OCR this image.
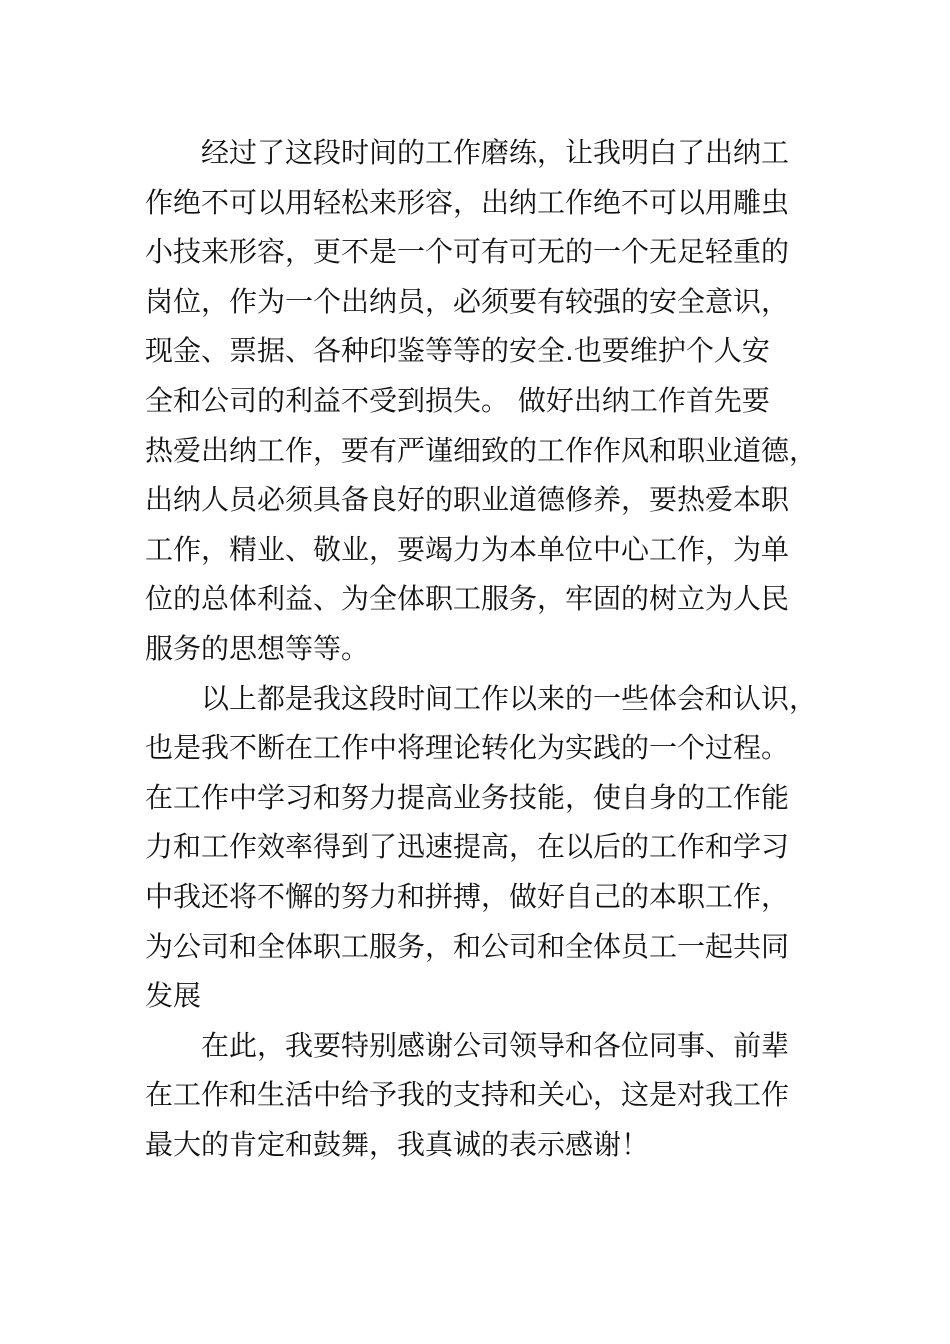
经过了这段时间的工作磨练，让我明白了出纳工
作绝不可以用轻松来形容，出纳工作绝不可以用雕虫
小技来形容，更不是一个可有可无的一个无足轻重的
岗位，作为一个出纳员，必须要有较强的安全意识，
现金、票据、各种印鉴等等的安全.也要维护个人安
全和公司的利益不受到损失。 做好出纳工作首先要
热爱出纳工作，要有严谨细致的工作作风和职业道德，
出纳人员必须具备良好的职业道德修养，要热爱本职
工作，精业、敬业，要竭力为本单位中心工作，为单
位的总体利益、为全体职工服务，牢固的树立为人民
服务的思想等等。
以上都是我这段时间工作以来的一些体会和认识，
也是我不断在工作中将理论转化为实践的一个过程。
在工作中学习和努力提高业务技能，使自身的工作能
力和工作效率得到了迅速提高，在以后的工作和学习
中我还将不懈的努力和拼搏，做好自己的本职工作，
为公司和全体职工服务，和公司和全体员工一起共同
发展
在此，我要特别感谢公司领导和各位同事、前辈
在工作和生活中给予我的支持和关心，这是对我工作
最大的肯定和鼓舞，我真诚的表示感谢！
